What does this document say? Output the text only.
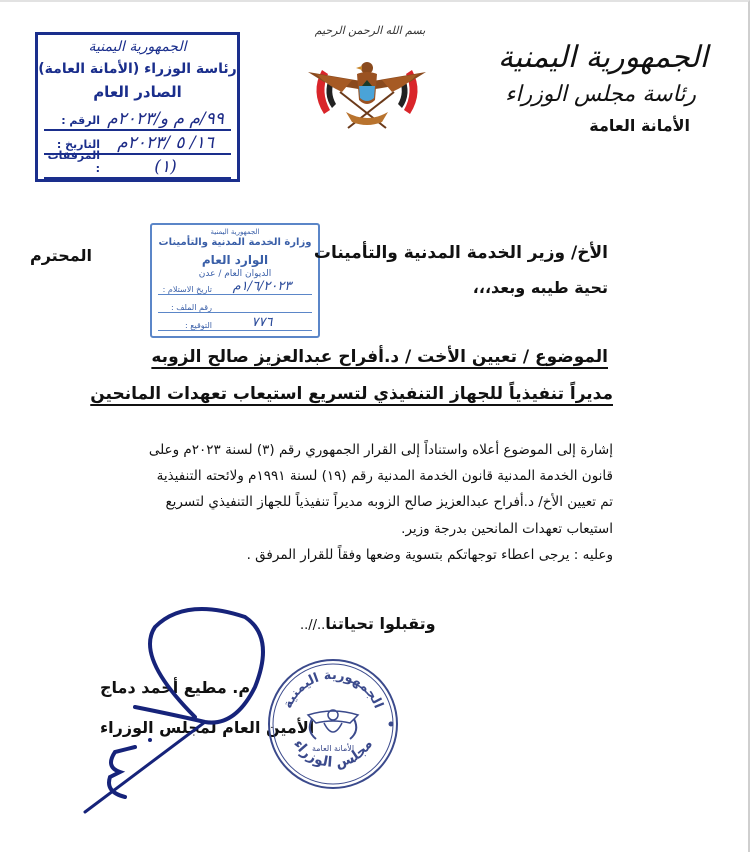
الجمهورية اليمنية
رئاسة مجلس الوزراء
الأمانة العامة
بسم الله الرحمن الرحيم
الجمهورية اليمنية
رئاسة الوزراء (الأمانة العامة)
الصادر العام
الرقم : ٩٩/م م و/٢٠٢٣م
التاريخ :	١٦/ ٥ /٢٠٢٣م
المرفقات :	(١)
الجمهورية اليمنية
وزارة الخدمة المدنية والتأمينات
الوارد العام
الديوان العام / عدن
تاريخ الاستلام :	١/٦/٢٠٢٣م
رقم الملف :
التوقيع :	٧٧٦
الأخ/ وزير الخدمة المدنية والتأمينات
المحترم
تحية طيبه وبعد،،،
الموضوع / تعيين الأخت / د.أفراح عبدالعزيز صالح الزوبه
مديراً تنفيذياً للجهاز التنفيذي لتسريع استيعاب تعهدات المانحين
إشارة إلى الموضوع أعلاه واستناداً إلى القرار الجمهوري رقم (٣) لسنة ٢٠٢٣م وعلى
قانون الخدمة المدنية قانون الخدمة المدنية رقم (١٩) لسنة ١٩٩١م ولائحته التنفيذية
تم تعيين الأخ/ د.أفراح عبدالعزيز صالح الزوبه مديراً تنفيذياً للجهاز التنفيذي لتسريع
استيعاب تعهدات المانحين بدرجة وزير.
وعليه : يرجى اعطاء توجهاتكم بتسوية وضعها وفقاً للقرار المرفق .
وتقبلوا تحياتنا..//..
م. مطيع أحمد دماج
الأمين العام لمجلس الوزراء
الجمهورية اليمنية
مجلس الوزراء
الأمانة العامة
